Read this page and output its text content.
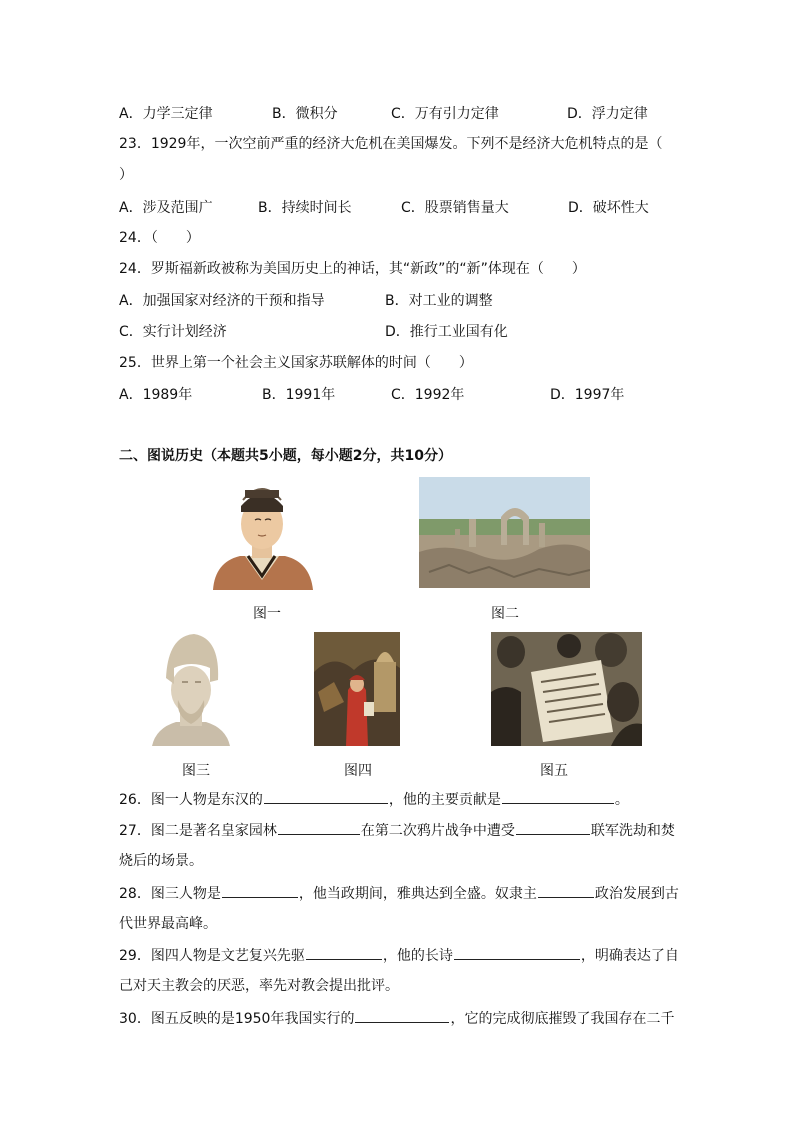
A．力学三定律	B．微积分	C．万有引力定律	D．浮力定律
23．1929年，一次空前严重的经济大危机在美国爆发。下列不是经济大危机特点的是（
）
A．涉及范围广	B．持续时间长	C．股票销售量大	D．破坏性大
24．（　　）
24．罗斯福新政被称为美国历史上的神话，其“新政”的“新”体现在（　　）
A．加强国家对经济的干预和指导	B．对工业的调整
C．实行计划经济	D．推行工业国有化
25．世界上第一个社会主义国家苏联解体的时间（　　）
A．1989年	B．1991年	C．1992年	D．1997年
二、图说历史（本题共5小题，每小题2分，共10分）
图一	图二
图三	图四	图五
26．图一人物是东汉的	，他的主要贡献是	。
27．图二是著名皇家园林	在第二次鸦片战争中遭受	联军洗劫和焚
烧后的场景。
28．图三人物是	，他当政期间，雅典达到全盛。奴隶主	政治发展到古
代世界最高峰。
29．图四人物是文艺复兴先驱	，他的长诗	，明确表达了自
己对天主教会的厌恶，率先对教会提出批评。
30．图五反映的是1950年我国实行的	，它的完成彻底摧毁了我国存在二千
